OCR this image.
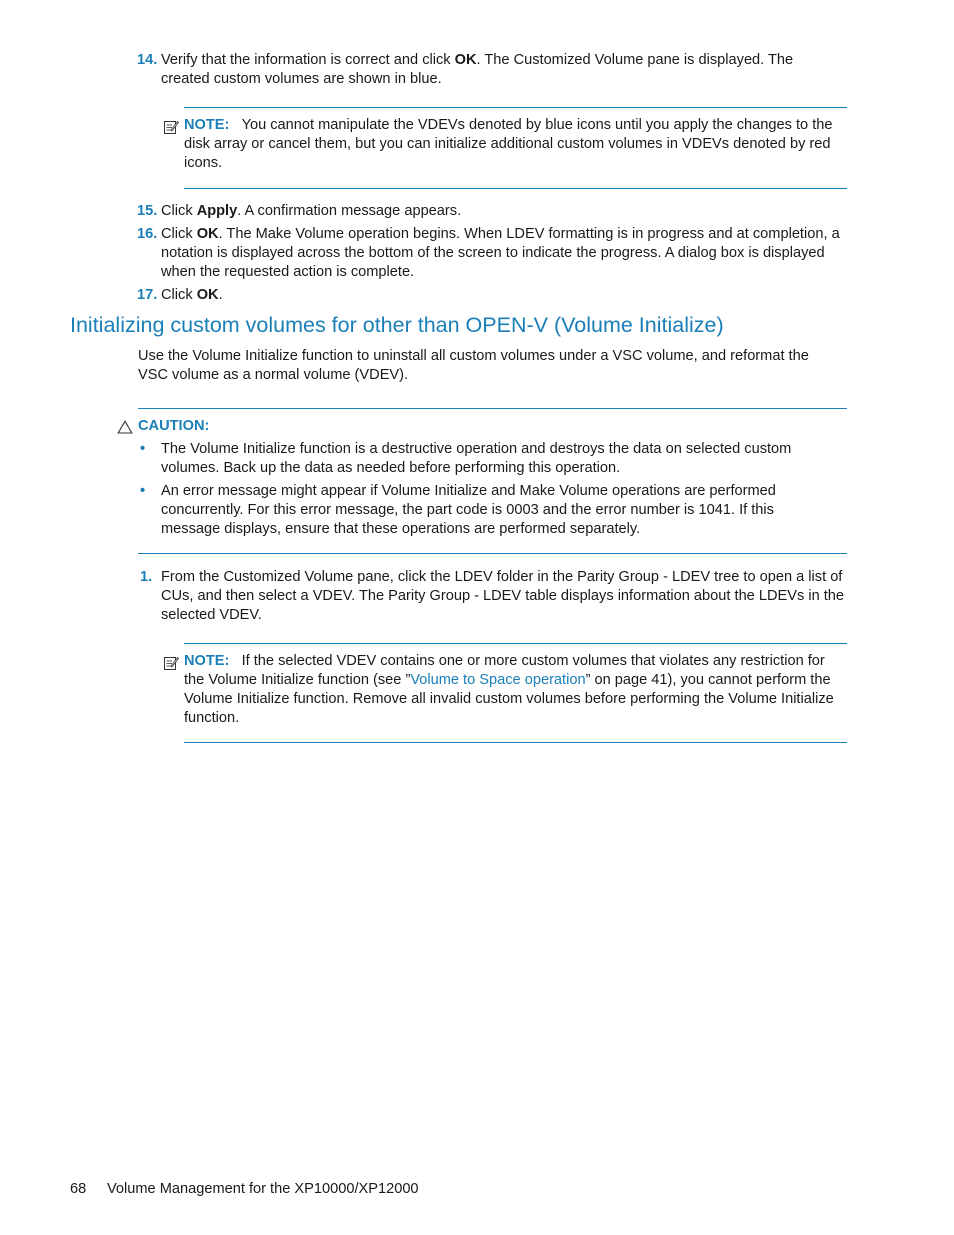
14. Verify that the information is correct and click OK. The Customized Volume pane is displayed. The created custom volumes are shown in blue.
NOTE: You cannot manipulate the VDEVs denoted by blue icons until you apply the changes to the disk array or cancel them, but you can initialize additional custom volumes in VDEVs denoted by red icons.
15. Click Apply. A confirmation message appears.
16. Click OK. The Make Volume operation begins. When LDEV formatting is in progress and at completion, a notation is displayed across the bottom of the screen to indicate the progress. A dialog box is displayed when the requested action is complete.
17. Click OK.
Initializing custom volumes for other than OPEN-V (Volume Initialize)
Use the Volume Initialize function to uninstall all custom volumes under a VSC volume, and reformat the VSC volume as a normal volume (VDEV).
CAUTION:
• The Volume Initialize function is a destructive operation and destroys the data on selected custom volumes. Back up the data as needed before performing this operation.
• An error message might appear if Volume Initialize and Make Volume operations are performed concurrently. For this error message, the part code is 0003 and the error number is 1041. If this message displays, ensure that these operations are performed separately.
1. From the Customized Volume pane, click the LDEV folder in the Parity Group - LDEV tree to open a list of CUs, and then select a VDEV. The Parity Group - LDEV table displays information about the LDEVs in the selected VDEV.
NOTE: If the selected VDEV contains one or more custom volumes that violates any restriction for the Volume Initialize function (see ”Volume to Space operation” on page 41), you cannot perform the Volume Initialize function. Remove all invalid custom volumes before performing the Volume Initialize function.
68 Volume Management for the XP10000/XP12000
